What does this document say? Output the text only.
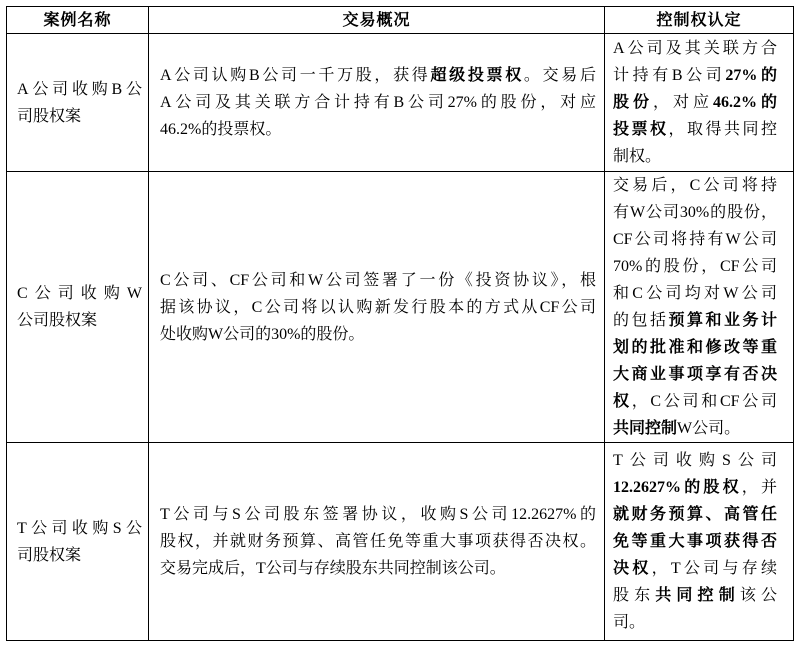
案例名称	交易概况	控制权认定
A公司收购B公
司股权案
A公司认购B公司一千万股，获得超级投票权。交易后
A公司及其关联方合计持有B公司27%的股份，对应
46.2%的投票权。
A公司及其关联方合
计持有B公司27%的
股份，对应46.2%的
投票权，取得共同控
制权。
C公司收购W
公司股权案
C公司、CF公司和W公司签署了一份《投资协议》，根
据该协议，C公司将以认购新发行股本的方式从CF公司
处收购W公司的30%的股份。
交易后，C公司将持
有W公司30%的股份，
CF公司将持有W公司
70%的股份，CF公司
和C公司均对W公司
的包括预算和业务计
划的批准和修改等重
大商业事项享有否决
权，C公司和CF公司
共同控制W公司。
T公司收购S公
司股权案
T公司与S公司股东签署协议，收购S公司12.2627%的
股权，并就财务预算、高管任免等重大事项获得否决权。
交易完成后，T公司与存续股东共同控制该公司。
T公司收购S公司
12.2627%的股权，并
就财务预算、高管任
免等重大事项获得否
决权，T公司与存续
股东共同控制该公
司。
